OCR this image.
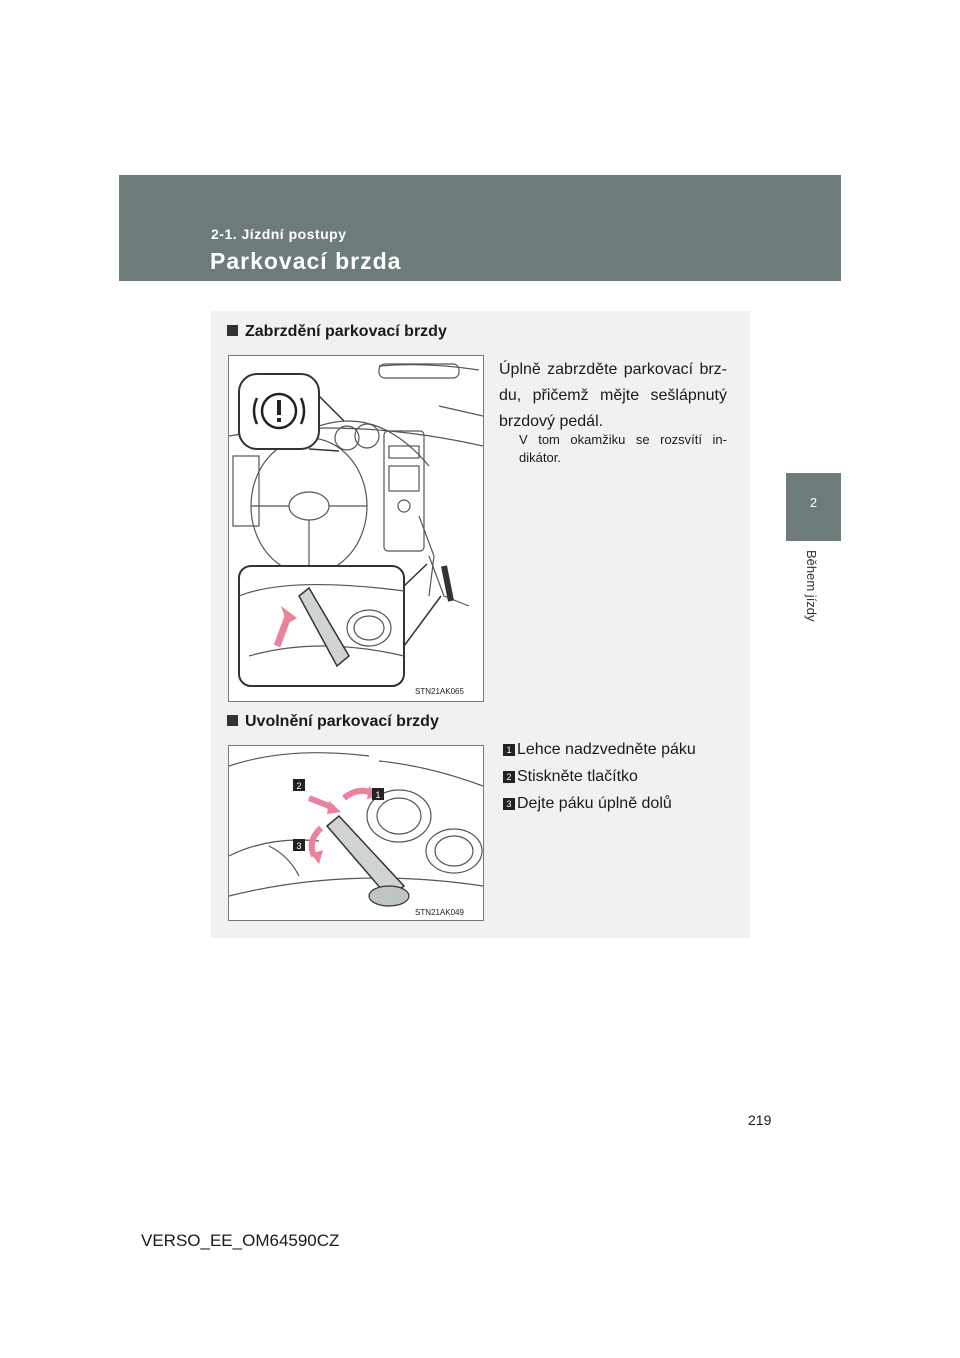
2-1. Jízdní postupy
Parkovací brzda
2
Během jízdy
Zabrzdění parkovací brzdy
STN21AK065
Úplně zabrzděte parkovací brz-du, přičemž mějte sešlápnutý brzdový pedál.
V tom okamžiku se rozsvítí in-dikátor.
Uvolnění parkovací brzdy
2
1
3
STN21AK049
1 Lehce nadzvedněte páku
2 Stiskněte tlačítko
3 Dejte páku úplně dolů
219
VERSO_EE_OM64590CZ
